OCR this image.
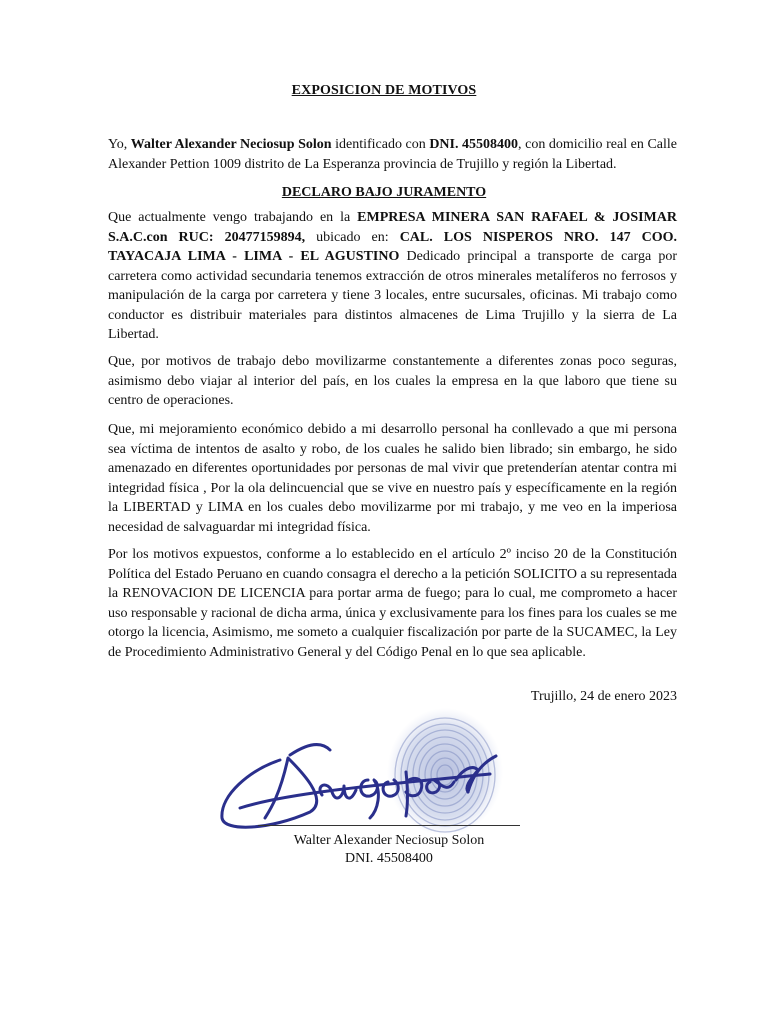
EXPOSICION DE MOTIVOS

Yo, Walter Alexander Neciosup Solon identificado con DNI. 45508400, con domicilio real en Calle Alexander Pettion 1009 distrito de La Esperanza provincia de Trujillo y región la Libertad.

DECLARO BAJO JURAMENTO

Que actualmente vengo trabajando en la EMPRESA MINERA SAN RAFAEL & JOSIMAR S.A.C.con RUC: 20477159894, ubicado en: CAL. LOS NISPEROS NRO. 147 COO. TAYACAJA LIMA - LIMA - EL AGUSTINO Dedicado principal a transporte de carga por carretera como actividad secundaria tenemos extracción de otros minerales metalíferos no ferrosos y manipulación de la carga por carretera y tiene 3 locales, entre sucursales, oficinas. Mi trabajo como conductor es distribuir materiales para distintos almacenes de Lima Trujillo y la sierra de La Libertad.

Que, por motivos de trabajo debo movilizarme constantemente a diferentes zonas poco seguras, asimismo debo viajar al interior del país, en los cuales la empresa en la que laboro que tiene su centro de operaciones.

Que, mi mejoramiento económico debido a mi desarrollo personal ha conllevado a que mi persona sea víctima de intentos de asalto y robo, de los cuales he salido bien librado; sin embargo, he sido amenazado en diferentes oportunidades por personas de mal vivir que pretenderían atentar contra mi integridad física , Por la ola delincuencial que se vive en nuestro país y específicamente en la región la LIBERTAD y LIMA en los cuales debo movilizarme por mi trabajo, y me veo en la imperiosa necesidad de salvaguardar mi integridad física.

Por los motivos expuestos, conforme a lo establecido en el artículo 2º inciso 20 de la Constitución Política del Estado Peruano en cuando consagra el derecho a la petición SOLICITO a su representada la RENOVACION DE LICENCIA para portar arma de fuego; para lo cual, me comprometo a hacer uso responsable y racional de dicha arma, única y exclusivamente para los fines para los cuales se me otorgo la licencia, Asimismo, me someto a cualquier fiscalización por parte de la SUCAMEC, la Ley de Procedimiento Administrativo General y del Código Penal en lo que sea aplicable.

Trujillo, 24 de enero 2023
Walter Alexander Neciosup Solon
DNI. 45508400
